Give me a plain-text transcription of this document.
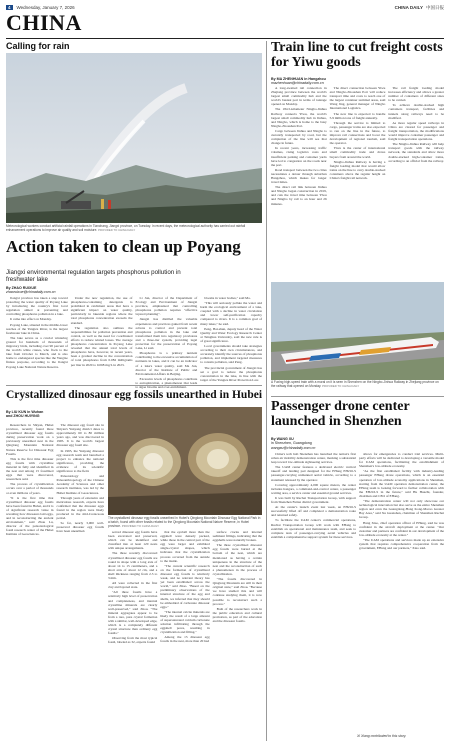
4	Wednesday, January 7, 2026	CHINA DAILY 中国日报
CHINA
Calling for rain
Meteorological workers conduct artificial rainfall operations in Tianchang, Jiangxi province, on Tuesday. In recent days, the meteorological authority has carried out rainfall enhancement operations to improve air quality and soil moisture. PROVIDED TO CHINA DAILY
Action taken to clean up Poyang
Jiangxi environmental regulation targets phosphorus pollution in freshwater lake
By ZHAO RUIXUE
zhaoruixue@chinadaily.com.cn

Jiangxi province has taken a step toward protecting the water quality of Poyang Lake by introducing the country's first local regulation aimed at preventing and controlling phosphorus pollution in a lake.

It came into effect on Monday.

Poyang Lake, situated in the middle-lower reaches of the Yangtze River, is the largest freshwater lake in China.

The lake serves as a crucial wintering ground for hundreds of thousands of migratory birds, including over 90 percent of the world's white cranes, who flock to the lake from October to March, and is also home to endangered species like the Yangtze finless porpoise, according to the Jiangxi Poyang Lake National Nature Reserve.

Under the new regulation, the use of phosphorus-containing detergents is prohibited in catchment areas that have a significant impact on water quality, particularly in lakeside regions where the total phosphorus concentration exceeds the standard.

The regulation also outlines the responsibilities for pollution prevention and control, as well as the need for coordinated efforts to reduce related losses. The average phosphorus concentration in Poyang Lake revealed that the annual total levels of phosphorus have, however, in recent years, been a gradual decline in the concentration of total phosphorus from 0.082 milligrams per liter in 2020 to 0.068 mg/L in 2023.

Li Jun, director of the Department of Ecology and Environment of Jiangxi province, emphasized that controlling phosphorus pollution requires "effective layered planning".

Jiangxi has distilled the valuable experiences and practices gained from recent actions to control and prevent total phosphorus pollution in the lake and transformed them into regulatory provisions and a three-tier system, providing legal protection for the preservation of Poyang Lake, Li said.

Phosphorus is a primary nutrient contributing to the excessive accumulation of nutrients in lakes, and it can be an indicator of a lake's water quality, said Ma Jun, director of the Institute of Public and Environmental Affairs in Beijing.

Excessive levels of phosphorus contribute to eutrophication, a phenomenon that leads to algae blooms and over-enrichment.

blooms in water bodies," said Ma.

"This will seriously pollute the water and harm the ecological environment of a lake, coupled with a decline in water circulation and lower self-purification capacity compared to rivers. It is a common goal of many lakes," he said.

Peng, Bai-shun, deputy head of the Water Quality and Water Ecology Research Center at Tsinghua University, said the new rule is of great significance.

Local governments should take strategies according to their own circumstances, and accurately identify the sources of phosphorus pollution, and implement targeted measures to contain pollution, said Peng.

The provincial government of Jiangxi has set a goal to reduce the phosphorus concentration in the lake, in line with the target of the Yangtze River Protection Law.

Crystallized dinosaur egg fossils unearthed in Hubei
By LIU KUN in Wuhan
and ZHOU HUIYING
The crystallized dinosaur egg fossils unearthed in Hubei's Qinglong Mountain Dinosaur Egg National Park in a batch, found with other fossils related to the Qinglong Mountain National Nature Reserve, in Hubei province. PROVIDED TO CHINA DAILY

Researchers in Shiyan, Hubei province, recently found three crystallized dinosaur egg fossils during preservation work on a previously unearthed nest in the Qinglong Mountain National Nature Reserve for Dinosaur Egg Fossils.

This is the first time dinosaur egg fossils with crystalline material in fully and identified in the nest and among 15 fossilized eggs that were discovered, researchers said.

The process of crystallization occurs over a period of thousands or even millions of years.

"It is the first time that crystallized dinosaur egg fossils have been found in Hubei, and it is of significant research value in revealing how dinosaurs laid eggs, and in reconstructing the ancient environment," said Zhou Lu, director of the paleontological fossil research center of the Hubei Institute of Geosciences.

The dinosaur egg fossil site in Shiyan's Yunyang district dates to approximately 60 to 80 million years ago, and was discovered in 1995. It is the world's largest dinosaur egg fossil site.

In 1995, the Yunyang dinosaur egg research team and launched a project to enhance the national significance, providing the evidence of its scientific significance to the field.

Paleontology and Paleoanthropology of the Chinese Academy of Sciences and other research institutes, was led by the Hubei Institute of Geosciences.

Through years of extensive and meticulous research, experts have confirmed that the dinosaur eggs found in the region were likely produced in the mid-Cretaceous period.

So far, nearly 3,000 well-preserved dinosaur egg fossils have been unearthed.	served dinosaur egg fossils have been excavated and preserved, which can be identified and classified into at least 120 nests with unique arrangements.

The three recently discovered crystallized dinosaur egg fossils are round in shape with a long axis of about 14 to 15 centimeters, and a short axis of about 12 cm, and a shell thickness ranging from 2.3 to 3 mm.

All were collected in the first clay and layered state.

"All three fossils have a relatively high level of preservation and completeness, and internal crystalline minerals are clearly well-preserved," said Zhou. "The mineral aggregates appear to be from a rare, pure crystal formation with a similar, well-developed edge, which is a completely different crystal structure than ordinary egg fossils."

Observing from the most typical fossil, labeled as 32, experts found

that the eyeball more than the eggshell were densely packed, while those in the central part of the egg were larger and exhibited single-crystal shapes, which indicates that the crystallization process occurred from the outside to the inside.

"The current scientific research on the formation of crystallized dinosaur egg fossils is relatively weak, and no relevant theory has yet been established across the world," said Zhao. "Based on the preliminary observations of the internal structure of the egg and shells, we inferred that they should be embedded of carbonate dinosaur eggs."

"The internal calcite minerals are likely the result of a large amount of supersaturated calcium carbonate solution infiltrating through the eggshell pores, resulting in crystallization and filling."

Among the 15 dinosaur egg fossils in the nest, more than 20 had

surface cracks and internal sediment fillings, indicating that the eggshells were naturally broken.

The three crystallized dinosaur egg fossils were buried at the bottom of the nest, which are mentioned as having a certain uniqueness in the structure of the nest and the reconstruction of such a phenomenon in the process of crystallization.

"The fossils discovered in Qinglong Mountain are still in their original state," said Zhou. "Because we have studied this and will continue studying them, it is now possible to reconstruct such a process."

Both of the researchers work in the public education and cultural promotion, as part of the education and the dinosaur fossils.

Train line to cut freight costs for Yiwu goods
By MA ZHENHUAN in Hangzhou
mazhenhuan@chinadaily.com.cn

A long-awaited rail connection in Zhejiang province between the world's largest small commodity hub and the world's busiest port in terms of tonnage opened on Monday.

The 184.5-kilometer Ningbo-Jinhua Railway connects Yiwu, the world's largest small commodity hub in Jinhua, and Ningbo, which is home to the busy Ningbo-Zhoushan Port.

Cargo between Jinhua and Ningbo is currently transported by road, but the completion of the line will see that change in future.

In recent years, increasing traffic volumes, rising logistics costs and insufficient parking and container yards have led to congestion on the roads near the port.

Road transport between the two cities necessitates a detour through suburban Hangzhou, which makes for longer travel times.

The direct rail link between Jinhua and Ningbo began construction in 2019, and cuts the travel time between Yiwu and Ningbo by rail to an hour and 26 minutes.

The direct connection between Yiwu and Ningbo-Zhoushan Port will reduce transport time and costs to reach one of the largest container terminal areas, said Wang Jing, general manager of Ningbo International Logistics.

The new line is expected to handle 5.9 million tons of freight annually.

Through the service is limited to cargo, passenger trains are also expected to run on the line in the future, to improve rail connections and boost the development of regional tourism, said the operator.

Yiwu is the center of international small commodity trade and draws buyers from around the world.

Ningbo-Jinhua Railway is having a freight loading model that would allow trains on the line to carry double-stacked containers above the regular height on China's freight rail network.

The rail freight loading model increases efficiency and allows a greater number of containers of different sizes to be carried.

To achieve double-stacked high containers transport, facilities and tunnels along railways need to be modified.

As more regular speed railways in China are cleared for passenger and freight transportation, the modifications would improve container passenger and freight transportation operations.

The Ningbo-Jinhua Railway will help transport goods with the railway network, the standards and allow more double-stacked high-container trains, according to an official from the railway.

A Fuxing high-speed train with a mural on it is seen in Shenzhen on the Ningbo-Jinhua Railway in Zhejiang province on the railway that opened on Monday. PROVIDED TO CHINA DAILY
Passenger drone center launched in Shenzhen
By WANG XU
in Shenzhen, Guangdong
wangxu@chinadaily.com.cn

China's tech hub Shenzhen has launched the nation's first urban air mobility demonstration center, marking a substantial leap toward low-altitude sightseeing services.

The UAM center features a dedicated electric vertical takeoff and landing pad designed for the EHang EH216-S passenger-carrying unmanned aerial vehicle, according to a statement released by the operator.

Covering approximately 4,000 square meters, the center includes hangars, a command-and-control center, a passenger waiting area, a service center and essential ground services.

It was built by Ruchai Transportation Group, with support from Shenzhen Futian district government.

At the center's launch event last week, an EH216-S successfully lifted off and completed a demonstration route and returned safely.

To facilitate the UAM center's commercial operations, Ruchai Transportation Group will work with EHang to establish an operational and maintenance team, and seek to complete tests of passenger-carrying aerial vehicles and establish a comprehensive support system for these services.

allows for emergencies to conduct trial services. Multi-party efforts will be dedicated to developing a versatile model for UAM operations, facilitating the establishment of Shenzhen's low-altitude economy.

"As the first established facility with industry-leading passenger EHang drone operations, which is an essential operation of low-altitude economy applications in Shenzhen, starting from the UAM operation demonstration center, the EHang team is looking forward to further collaboration with the EH216-S in the future," said Hu Huazhi, founder, chairman and CEO of EHang.

"The demonstration center will not only showcase our technological innovation but also serve as the entire Shenzhen region and even the Guangdong-Hong Kong-Macao Greater Bay Area," said Xu Guanshan, chairman of Shenzhen Ruchai Group.

Hang Xiao, chief operation officer of EHang, said he was confident in the aircraft deployment at the center. "Our customer and partners are confident in our development of the low-altitude economy at the center."

"The UAM operations and services made up an extensive system that requires comprehensive cooperation from the government, EHang and our partners," Xiao said.

Xi Xiang contributed to this story.
